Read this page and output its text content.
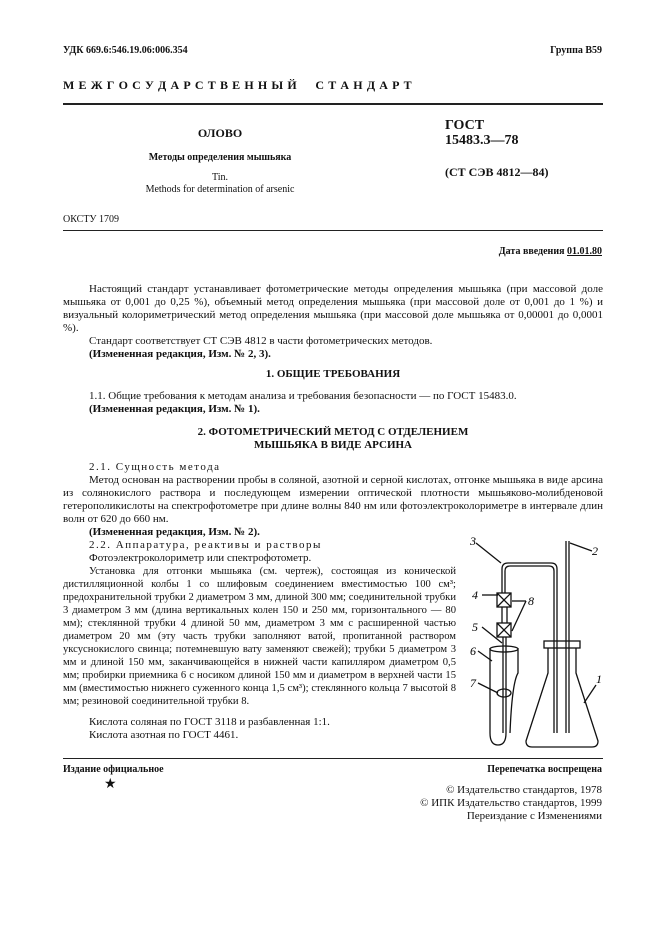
УДК 669.6:546.19.06:006.354	Группа В59
М Е Ж Г О С У Д А Р С Т В Е Н Н Ы Й     С Т А Н Д А Р Т
ОЛОВО
Методы определения мышьяка
Tin.
Methods for determination of arsenic
ГОСТ
15483.3—78
(СТ СЭВ 4812—84)
ОКСТУ 1709
Дата введения 01.01.80
Настоящий стандарт устанавливает фотометрические методы определения мышьяка (при массовой доле мышьяка от 0,001 до 0,25 %), объемный метод определения мышьяка (при массовой доле от 0,001 до 1 %) и визуальный колориметрический метод определения мышьяка (при массовой доле мышьяка от 0,00001 до 0,0001 %).
Стандарт соответствует СТ СЭВ 4812 в части фотометрических методов.
(Измененная редакция, Изм. № 2, 3).
1. ОБЩИЕ ТРЕБОВАНИЯ
1.1. Общие требования к методам анализа и требования безопасности — по ГОСТ 15483.0.
(Измененная редакция, Изм. № 1).
2. ФОТОМЕТРИЧЕСКИЙ МЕТОД С ОТДЕЛЕНИЕМ
МЫШЬЯКА В ВИДЕ АРСИНА
2.1. Сущность метода
Метод основан на растворении пробы в соляной, азотной и серной кислотах, отгонке мышьяка в виде арсина из солянокислого раствора и последующем измерении оптической плотности мышьяково-молибденовой гетерополикислоты на спектрофотометре при длине волны 840 нм или фотоэлектроколориметре в интервале длин волн от 620 до 660 нм.
(Измененная редакция, Изм. № 2).
2.2. Аппаратура, реактивы и растворы
Фотоэлектроколориметр или спектрофотометр.
Установка для отгонки мышьяка (см. чертеж), состоящая из конической дистилляционной колбы 1 со шлифовым соединением вместимостью 100 см³; предохранительной трубки 2 диаметром 3 мм, длиной 300 мм; соединительной трубки 3 диаметром 3 мм (длина вертикальных колен 150 и 250 мм, горизонтального — 80 мм); стеклянной трубки 4 длиной 50 мм, диаметром 3 мм с расширенной частью диаметром 20 мм (эту часть трубки заполняют ватой, пропитанной раствором уксуснокислого свинца; потемневшую вату заменяют свежей); трубки 5 диаметром 3 мм и длиной 150 мм, заканчивающейся в нижней части капилляром диаметром 0,5 мм; пробирки приемника 6 с носиком длиной 150 мм и диаметром в верхней части 15 мм (вместимостью нижнего суженного конца 1,5 см³); стеклянного кольца 7 высотой 8 мм; резиновой соединительной трубки 8.
Кислота соляная по ГОСТ 3118 и разбавленная 1:1.
Кислота азотная по ГОСТ 4461.
3
2
4	8
5
6
7	1
Издание официальное
★
Перепечатка воспрещена
© Издательство стандартов, 1978
© ИПК Издательство стандартов, 1999
Переиздание с Изменениями
